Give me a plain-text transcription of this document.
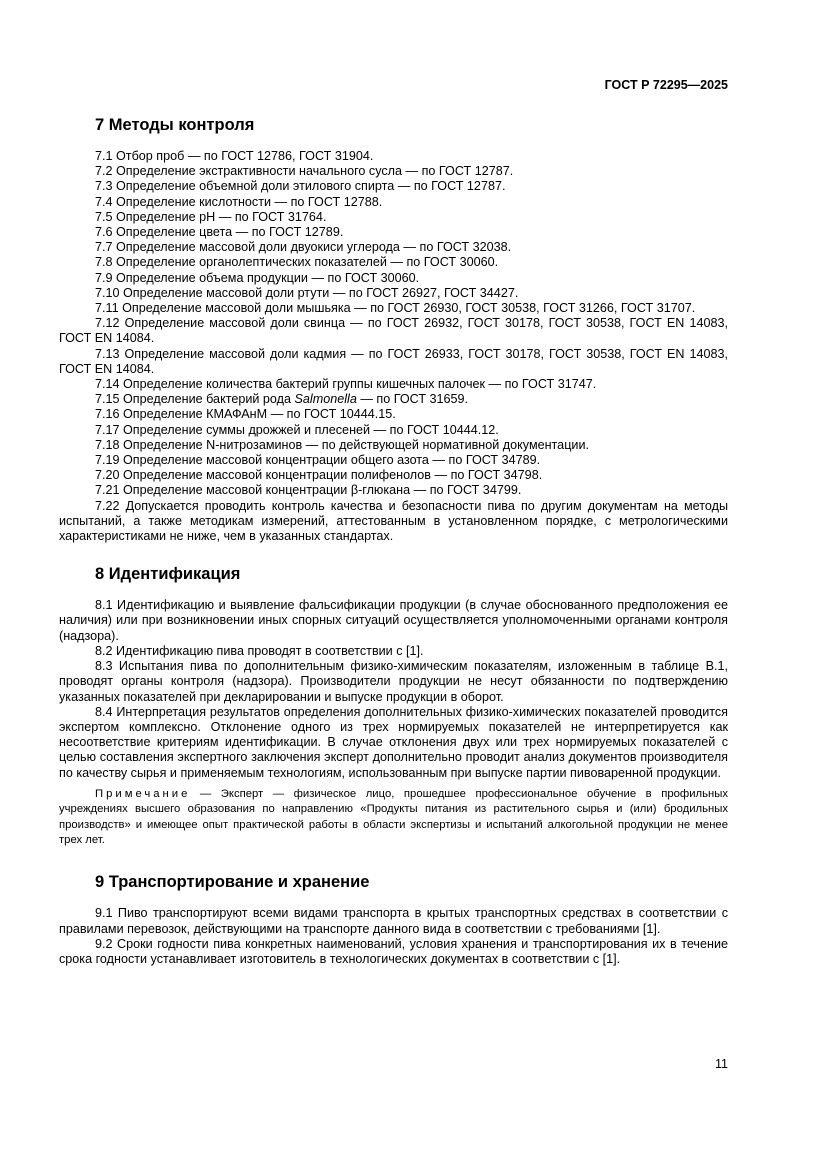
ГОСТ Р 72295—2025
7 Методы контроля

7.1 Отбор проб — по ГОСТ 12786, ГОСТ 31904.

7.2 Определение экстрактивности начального сусла — по ГОСТ 12787.

7.3 Определение объемной доли этилового спирта — по ГОСТ 12787.

7.4 Определение кислотности — по ГОСТ 12788.

7.5 Определение pH — по ГОСТ 31764.

7.6 Определение цвета — по ГОСТ 12789.

7.7 Определение массовой доли двуокиси углерода — по ГОСТ 32038.

7.8 Определение органолептических показателей — по ГОСТ 30060.

7.9 Определение объема продукции — по ГОСТ 30060.

7.10 Определение массовой доли ртути — по ГОСТ 26927, ГОСТ 34427.

7.11 Определение массовой доли мышьяка — по ГОСТ 26930, ГОСТ 30538, ГОСТ 31266, ГОСТ 31707.

7.12 Определение массовой доли свинца — по ГОСТ 26932, ГОСТ 30178, ГОСТ 30538, ГОСТ EN 14083, ГОСТ EN 14084.

7.13 Определение массовой доли кадмия — по ГОСТ 26933, ГОСТ 30178, ГОСТ 30538, ГОСТ EN 14083, ГОСТ EN 14084.

7.14 Определение количества бактерий группы кишечных палочек — по ГОСТ 31747.

7.15 Определение бактерий рода Salmonella — по ГОСТ 31659.

7.16 Определение КМАФАнМ — по ГОСТ 10444.15.

7.17 Определение суммы дрожжей и плесеней — по ГОСТ 10444.12.

7.18 Определение N-нитрозаминов — по действующей нормативной документации.

7.19 Определение массовой концентрации общего азота — по ГОСТ 34789.

7.20 Определение массовой концентрации полифенолов — по ГОСТ 34798.

7.21 Определение массовой концентрации β-глюкана — по ГОСТ 34799.

7.22 Допускается проводить контроль качества и безопасности пива по другим документам на методы испытаний, а также методикам измерений, аттестованным в установленном порядке, с метрологическими характеристиками не ниже, чем в указанных стандартах.

8 Идентификация

8.1 Идентификацию и выявление фальсификации продукции (в случае обоснованного предположения ее наличия) или при возникновении иных спорных ситуаций осуществляется уполномоченными органами контроля (надзора).

8.2 Идентификацию пива проводят в соответствии с [1].

8.3 Испытания пива по дополнительным физико-химическим показателям, изложенным в таблице В.1, проводят органы контроля (надзора). Производители продукции не несут обязанности по подтверждению указанных показателей при декларировании и выпуске продукции в оборот.

8.4 Интерпретация результатов определения дополнительных физико-химических показателей проводится экспертом комплексно. Отклонение одного из трех нормируемых показателей не интерпретируется как несоответствие критериям идентификации. В случае отклонения двух или трех нормируемых показателей с целью составления экспертного заключения эксперт дополнительно проводит анализ документов производителя по качеству сырья и применяемым технологиям, использованным при выпуске партии пивоваренной продукции.

Примечание — Эксперт — физическое лицо, прошедшее профессиональное обучение в профильных учреждениях высшего образования по направлению «Продукты питания из растительного сырья и (или) бродильных производств» и имеющее опыт практической работы в области экспертизы и испытаний алкогольной продукции не менее трех лет.

9 Транспортирование и хранение

9.1 Пиво транспортируют всеми видами транспорта в крытых транспортных средствах в соответствии с правилами перевозок, действующими на транспорте данного вида в соответствии с требованиями [1].

9.2 Сроки годности пива конкретных наименований, условия хранения и транспортирования их в течение срока годности устанавливает изготовитель в технологических документах в соответствии с [1].

11
